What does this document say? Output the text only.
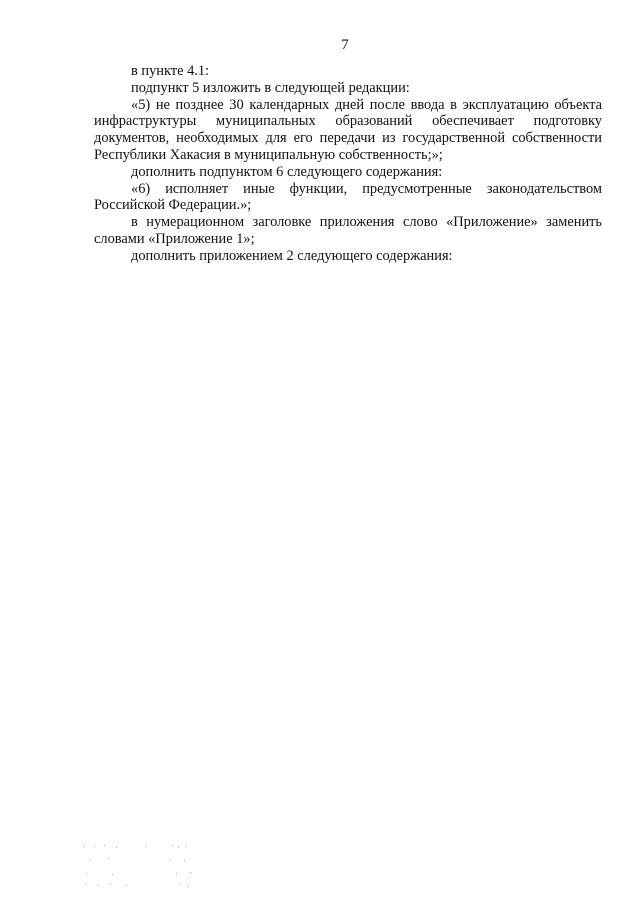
7

в пункте 4.1:

подпункт 5 изложить в следующей редакции:

«5) не позднее 30 календарных дней после ввода в эксплуатацию объекта инфраструктуры муниципальных образований обеспечивает подготовку документов, необходимых для его передачи из государственной собственности Республики Хакасия в муниципальную собственность;»;

дополнить подпунктом 6 следующего содержания:

«6) исполняет иные функции, предусмотренные законодательством Российской Федерации.»;

в нумерационном заголовке приложения слово «Приложение» заменить словами «Приложение 1»;

дополнить приложением 2 следующего содержания:
